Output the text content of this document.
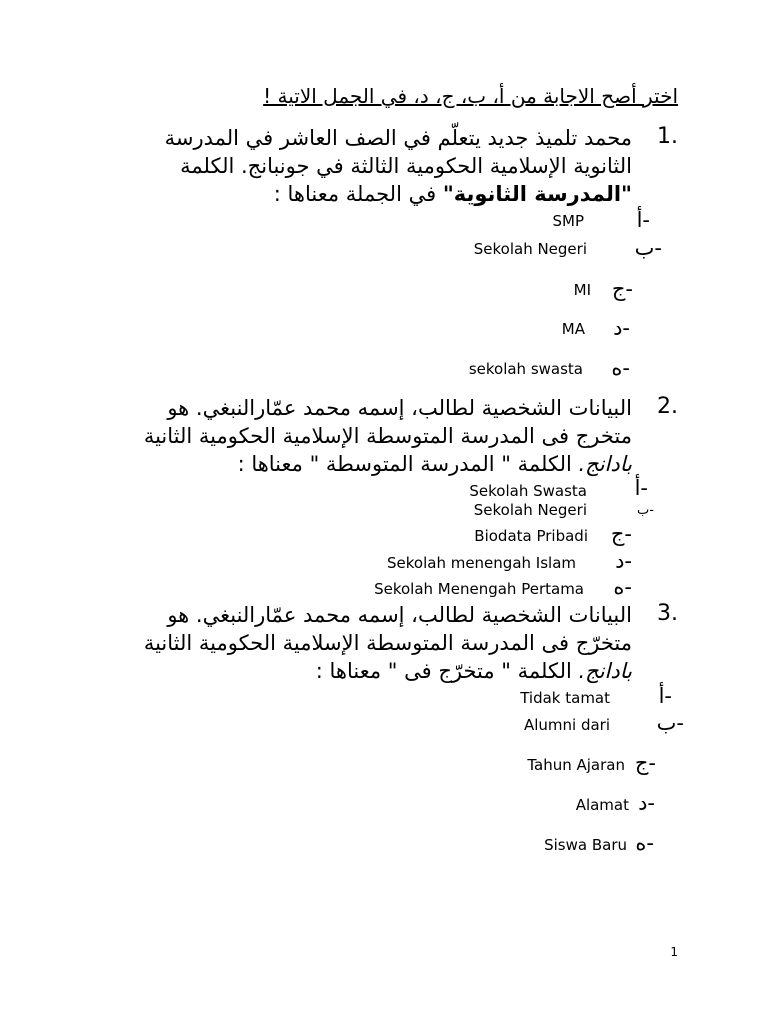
اختر أصح الاجابة من أ، ب، ج، د، في الجمل الاتية !
1.
محمد تلميذ جديد يتعلّم في الصف العاشر في المدرسة
الثانوية الإسلامية الحكومية الثالثة في جونبانج. الكلمة
"المدرسة الثانوية" في الجملة معناها :
SMP	أ-
Sekolah Negeri ب-
MI ج-
MA د-
sekolah swasta ه-
2.
البيانات الشخصية لطالب، إسمه محمد عمّارالنبغي. هو
متخرج فى المدرسة المتوسطة الإسلامية الحكومية الثانية
بادانج. الكلمة " المدرسة المتوسطة " معناها :
Sekolah Swasta أ-
Sekolah Negeri	ب-
Biodata Pribadi ج-
Sekolah menengah Islam د-
Sekolah Menengah Pertama ه-
3.
البيانات الشخصية لطالب، إسمه محمد عمّارالنبغي. هو
متخرّج فى المدرسة المتوسطة الإسلامية الحكومية الثانية
بادانج. الكلمة " متخرّج فى " معناها :
Tidak tamat أ-
Alumni dari ب-
Tahun Ajaran ج-
Alamat د-
Siswa Baru ه-
1
